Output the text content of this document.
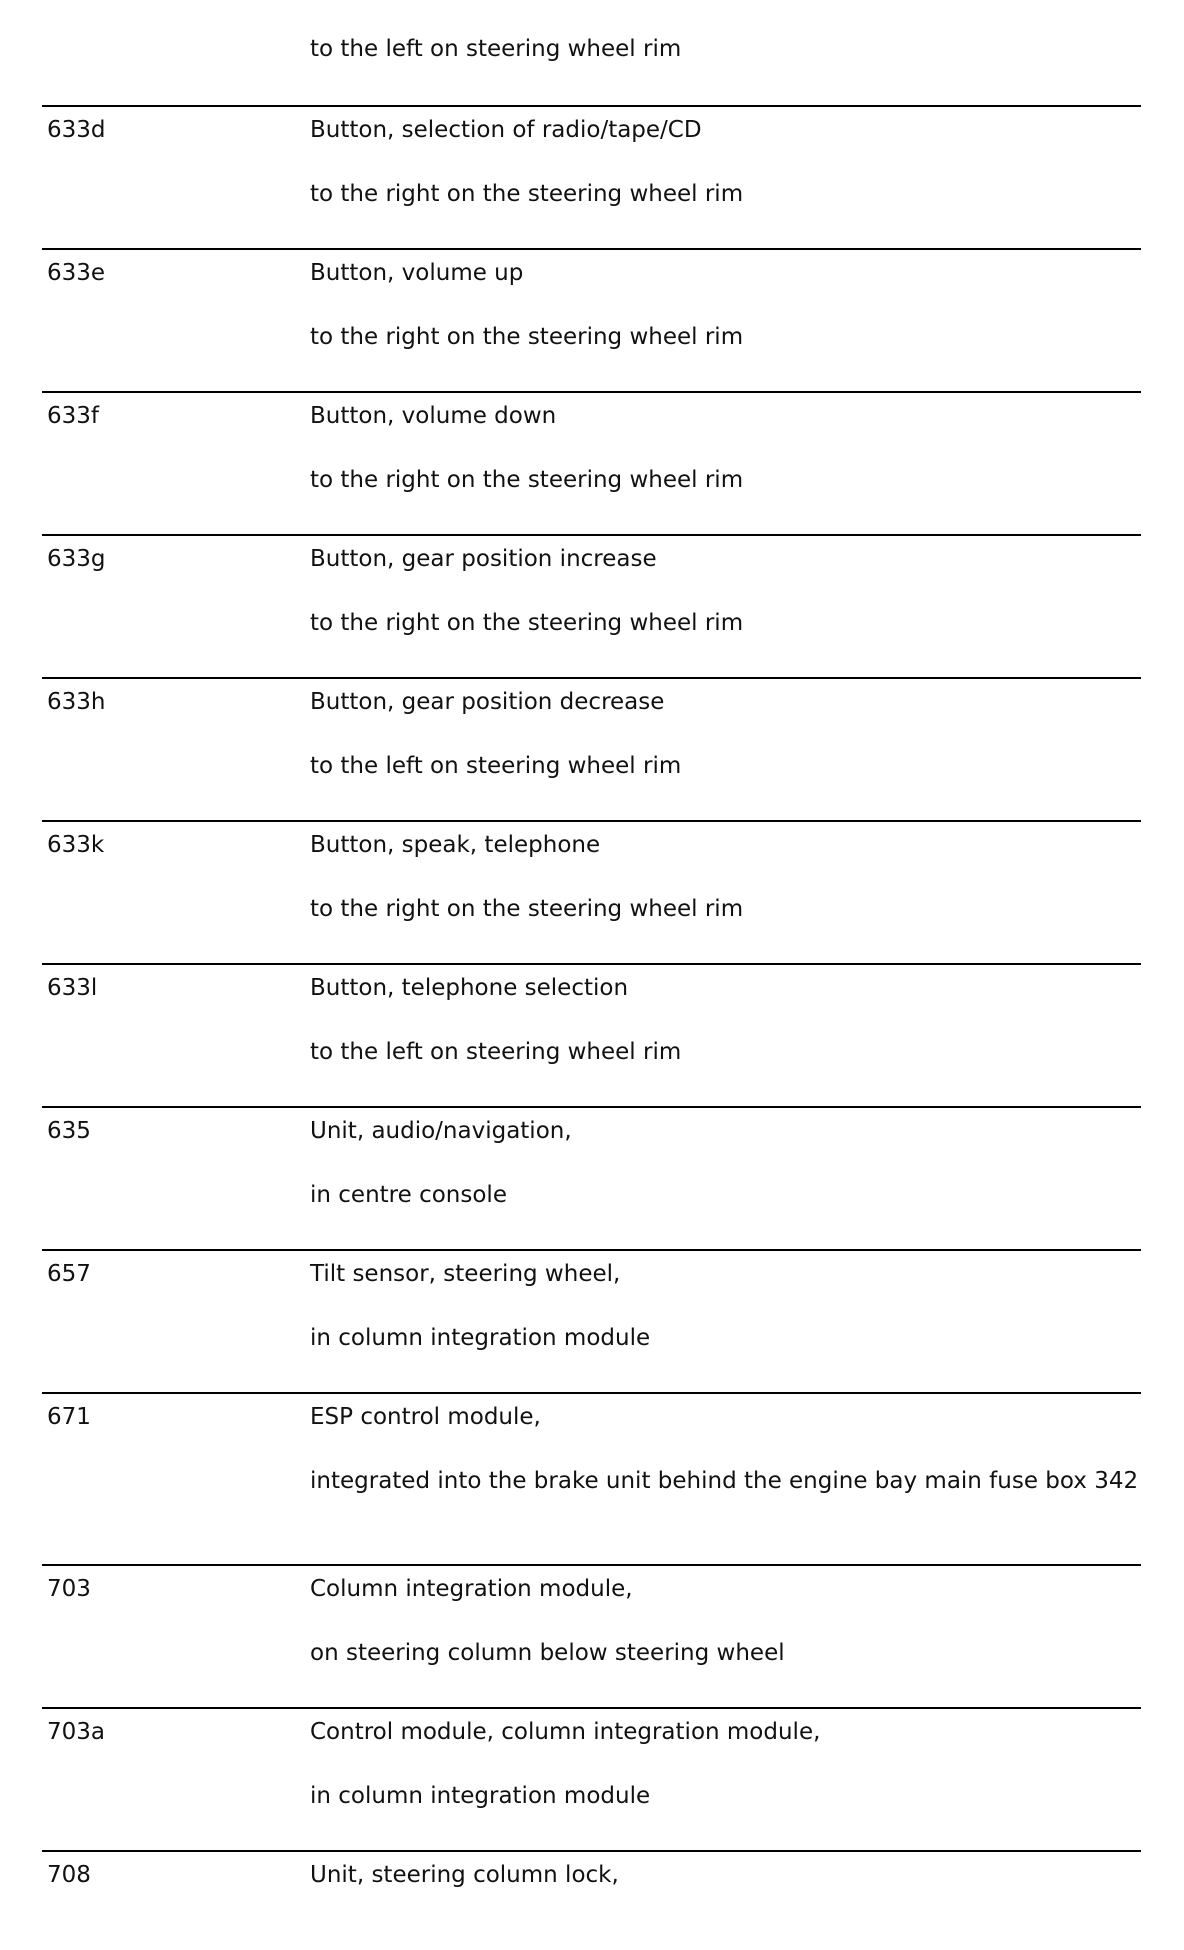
to the left on steering wheel rim
633d	Button, selection of radio/tape/CD
to the right on the steering wheel rim
633e	Button, volume up
to the right on the steering wheel rim
633f	Button, volume down
to the right on the steering wheel rim
633g	Button, gear position increase
to the right on the steering wheel rim
633h	Button, gear position decrease
to the left on steering wheel rim
633k	Button, speak, telephone
to the right on the steering wheel rim
633l	Button, telephone selection
to the left on steering wheel rim
635	Unit, audio/navigation,
in centre console
657	Tilt sensor, steering wheel,
in column integration module
671	ESP control module,
integrated into the brake unit behind the engine bay main fuse box 342
703	Column integration module,
on steering column below steering wheel
703a	Control module, column integration module,
in column integration module
708	Unit, steering column lock,
